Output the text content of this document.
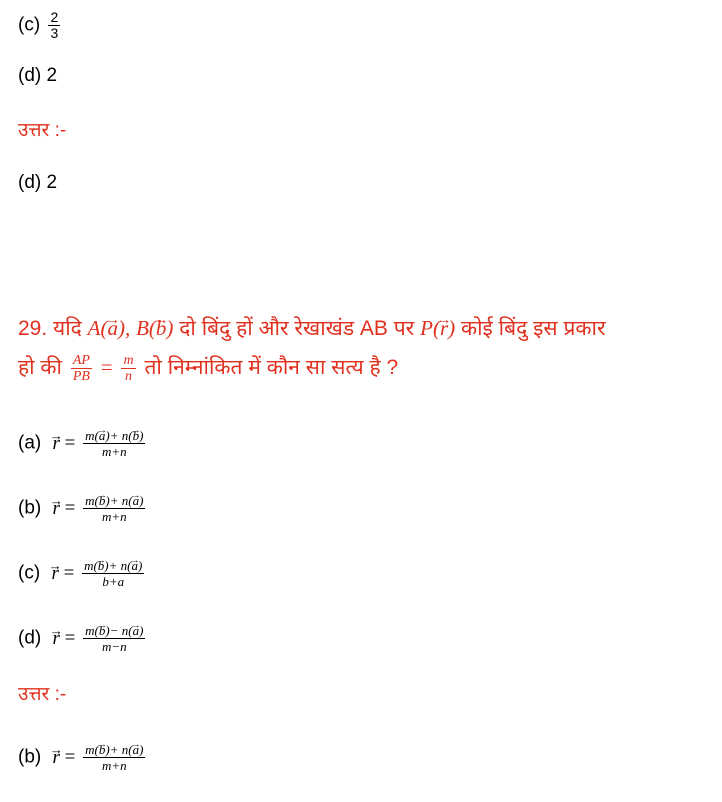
$(c) \frac{2}{3}$
(d) 2
उत्तर :-
(d) 2
29. यदि A(→ a), B(→ b) दो बिंदु हों और रेखाखंड AB पर P(→ r) कोई बिंदु इस प्रकार
हो की $\frac{AP}{PB} = \frac{m}{n}$ तो निम्नांकित में कौन सा सत्य है ?
$(a) \to r = \frac{m(\to a)+ n(\to b)}{m+n}$
$(b) \to r = \frac{m(\to b)+ n(\to a)}{m+n}$
$(c) \to r = \frac{m(\to b)+ n(\to a)}{b+a}$
$(d) \to r = \frac{m(\to b)- n(\to a)}{m-n}$
उत्तर :-
$(b) \to r = \frac{m(\to b)+ n(\to a)}{m+n}$
